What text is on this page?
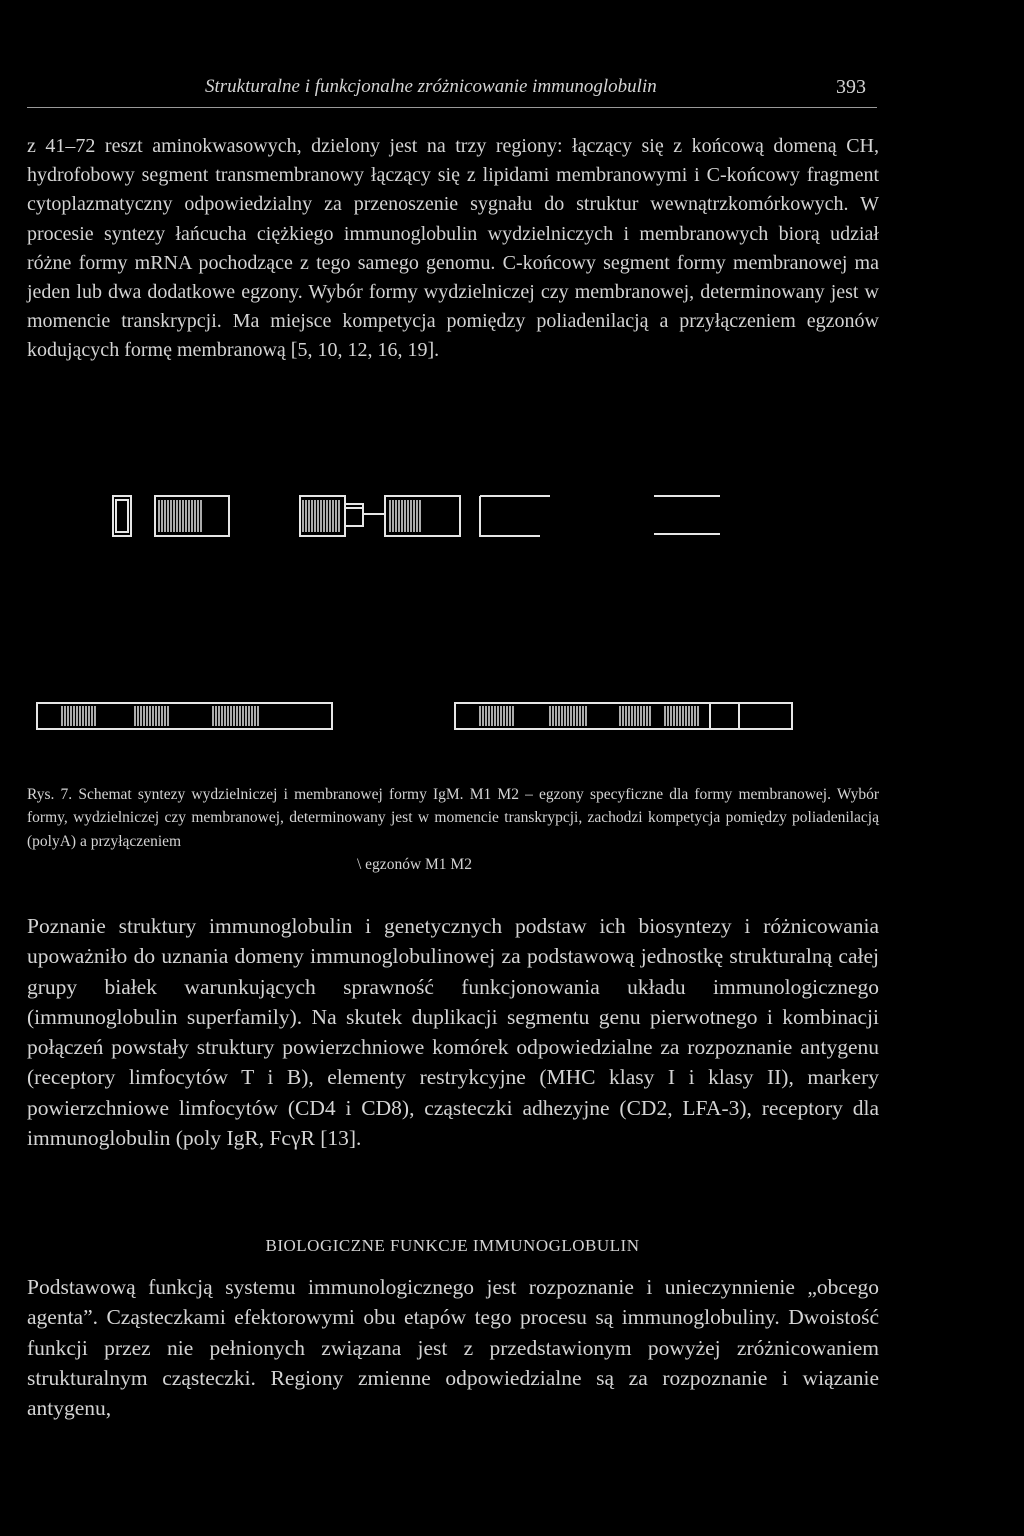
Strukturalne i funkcjonalne zróżnicowanie immunoglobulin	393

z 41–72 reszt aminokwasowych, dzielony jest na trzy regiony: łączący się z końcową domeną CH, hydrofobowy segment transmembranowy łączący się z lipidami membranowymi i C-końcowy fragment cytoplazmatyczny odpowiedzialny za przenoszenie sygnału do struktur wewnątrzkomórkowych. W procesie syntezy łańcucha ciężkiego immunoglobulin wydzielniczych i membranowych biorą udział różne formy mRNA pochodzące z tego samego genomu. C-końcowy segment formy membranowej ma jeden lub dwa dodatkowe egzony. Wybór formy wydzielniczej czy membranowej, determinowany jest w momencie transkrypcji. Ma miejsce kompetycja pomiędzy poliadenilacją a przyłączeniem egzonów kodujących formę membranową [5, 10, 12, 16, 19].

Rys. 7. Schemat syntezy wydzielniczej i membranowej formy IgM. M1 M2 – egzony specyficzne dla formy membranowej. Wybór formy, wydzielniczej czy membranowej, determinowany jest w momencie transkrypcji, zachodzi kompetycja pomiędzy poliadenilacją (polyA) a przyłączeniem
\ egzonów M1 M2

Poznanie struktury immunoglobulin i genetycznych podstaw ich biosyntezy i różnicowania upoważniło do uznania domeny immunoglobulinowej za podstawową jednostkę strukturalną całej grupy białek warunkujących sprawność funkcjonowania układu immunologicznego (immunoglobulin superfamily). Na skutek duplikacji segmentu genu pierwotnego i kombinacji połączeń powstały struktury powierzchniowe komórek odpowiedzialne za rozpoznanie antygenu (receptory limfocytów T i B), elementy restrykcyjne (MHC klasy I i klasy II), markery powierzchniowe limfocytów (CD4 i CD8), cząsteczki adhezyjne (CD2, LFA-3), receptory dla immunoglobulin (poly IgR, FcγR [13].

BIOLOGICZNE FUNKCJE IMMUNOGLOBULIN

Podstawową funkcją systemu immunologicznego jest rozpoznanie i unieczynnienie „obcego agenta”. Cząsteczkami efektorowymi obu etapów tego procesu są immunoglobuliny. Dwoistość funkcji przez nie pełnionych związana jest z przedstawionym powyżej zróżnicowaniem strukturalnym cząsteczki. Regiony zmienne odpowiedzialne są za rozpoznanie i wiązanie antygenu,
